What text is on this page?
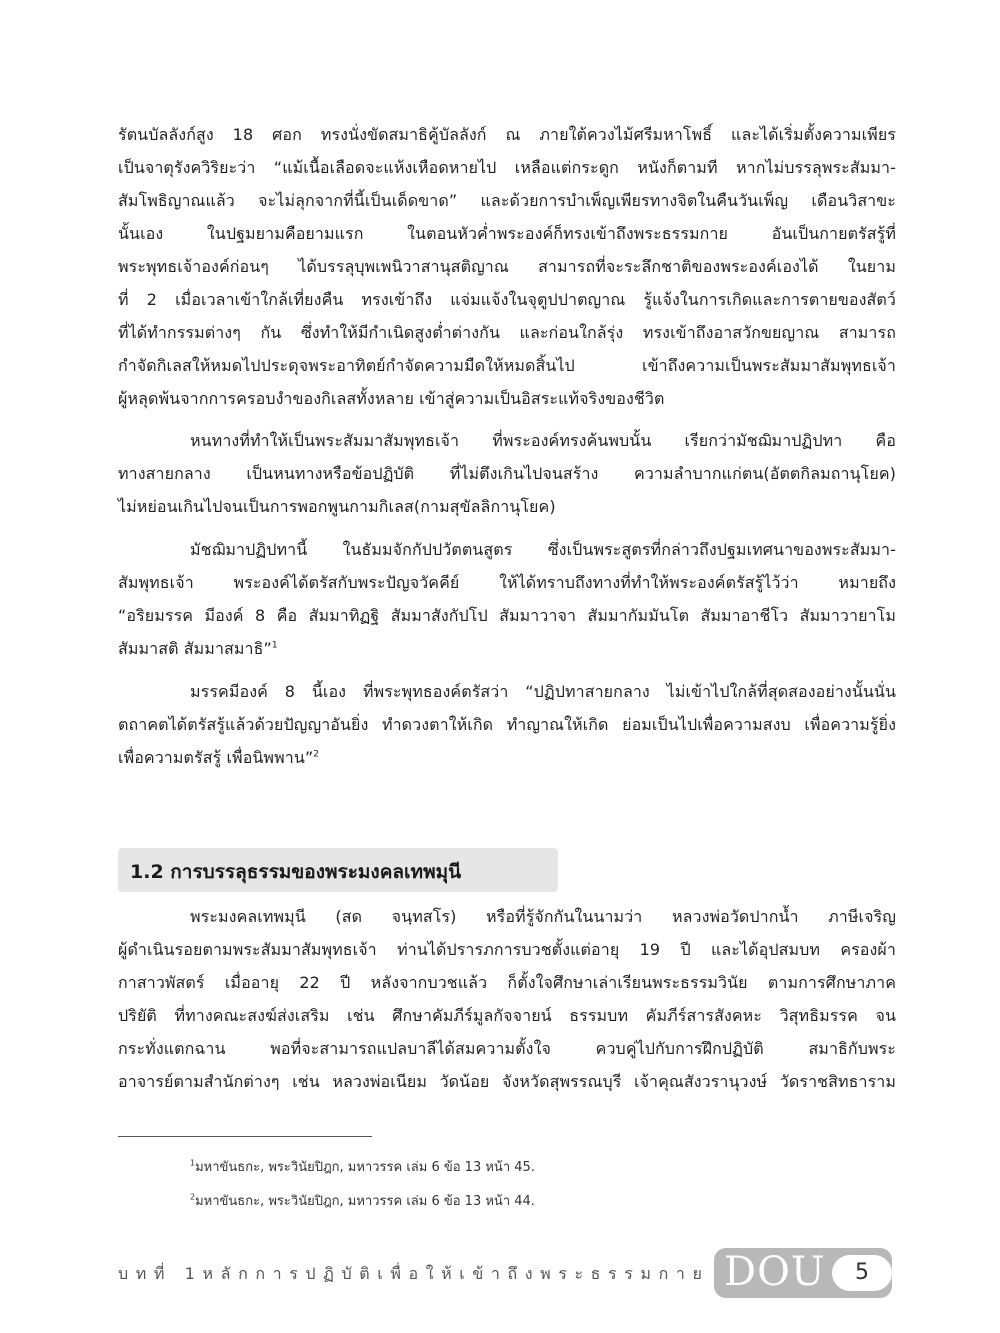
รัตนบัลลังก์สูง 18 ศอก ทรงนั่งขัดสมาธิคู้บัลลังก์ ณ ภายใต้ควงไม้ศรีมหาโพธิ์ และได้เริ่มตั้งความเพียร
เป็นจาตุรังควิริยะว่า “แม้เนื้อเลือดจะแห้งเหือดหายไป เหลือแต่กระดูก หนังก็ตามที หากไม่บรรลุพระสัมมา-
สัมโพธิญาณแล้ว จะไม่ลุกจากที่นี้เป็นเด็ดขาด” และด้วยการบำเพ็ญเพียรทางจิตในคืนวันเพ็ญ เดือนวิสาขะ
นั้นเอง ในปฐมยามคือยามแรก ในตอนหัวค่ำพระองค์ก็ทรงเข้าถึงพระธรรมกาย อันเป็นกายตรัสรู้ที่
พระพุทธเจ้าองค์ก่อนๆ ได้บรรลุบุพเพนิวาสานุสติญาณ สามารถที่จะระลึกชาติของพระองค์เองได้ ในยาม
ที่ 2 เมื่อเวลาเข้าใกล้เที่ยงคืน ทรงเข้าถึง แจ่มแจ้งในจุตูปปาตญาณ รู้แจ้งในการเกิดและการตายของสัตว์
ที่ได้ทำกรรมต่างๆ กัน ซึ่งทำให้มีกำเนิดสูงต่ำต่างกัน และก่อนใกล้รุ่ง ทรงเข้าถึงอาสวักขยญาณ สามารถ
กำจัดกิเลสให้หมดไปประดุจพระอาทิตย์กำจัดความมืดให้หมดสิ้นไป เข้าถึงความเป็นพระสัมมาสัมพุทธเจ้า
ผู้หลุดพ้นจากการครอบงำของกิเลสทั้งหลาย เข้าสู่ความเป็นอิสระแท้จริงของชีวิต
หนทางที่ทำให้เป็นพระสัมมาสัมพุทธเจ้า ที่พระองค์ทรงค้นพบนั้น เรียกว่ามัชฌิมาปฏิปทา คือ
ทางสายกลาง เป็นหนทางหรือข้อปฏิบัติ ที่ไม่ตึงเกินไปจนสร้าง ความลำบากแก่ตน(อัตตกิลมถานุโยค)
ไม่หย่อนเกินไปจนเป็นการพอกพูนกามกิเลส(กามสุขัลลิกานุโยค)
มัชฌิมาปฏิปทานี้ ในธัมมจักกัปปวัตตนสูตร ซึ่งเป็นพระสูตรที่กล่าวถึงปฐมเทศนาของพระสัมมา-
สัมพุทธเจ้า พระองค์ได้ตรัสกับพระปัญจวัคคีย์ ให้ได้ทราบถึงทางที่ทำให้พระองค์ตรัสรู้ไว้ว่า หมายถึง
“อริยมรรค มีองค์ 8 คือ สัมมาทิฏฐิ สัมมาสังกัปโป สัมมาวาจา สัมมากัมมันโต สัมมาอาชีโว สัมมาวายาโม
สัมมาสติ สัมมาสมาธิ”$^1$
มรรคมีองค์ 8 นี้เอง ที่พระพุทธองค์ตรัสว่า “ปฏิปทาสายกลาง ไม่เข้าไปใกล้ที่สุดสองอย่างนั้นนั่น
ตถาคตได้ตรัสรู้แล้วด้วยปัญญาอันยิ่ง ทำดวงตาให้เกิด ทำญาณให้เกิด ย่อมเป็นไปเพื่อความสงบ เพื่อความรู้ยิ่ง
เพื่อความตรัสรู้ เพื่อนิพพาน”$^2$
พระมงคลเทพมุนี (สด จนฺทสโร) หรือที่รู้จักกันในนามว่า หลวงพ่อวัดปากน้ำ ภาษีเจริญ
ผู้ดำเนินรอยตามพระสัมมาสัมพุทธเจ้า ท่านได้ปรารภการบวชตั้งแต่อายุ 19 ปี และได้อุปสมบท ครองผ้า
กาสาวพัสตร์ เมื่ออายุ 22 ปี หลังจากบวชแล้ว ก็ตั้งใจศึกษาเล่าเรียนพระธรรมวินัย ตามการศึกษาภาค
ปริยัติ ที่ทางคณะสงฆ์ส่งเสริม เช่น ศึกษาคัมภีร์มูลกัจจายน์ ธรรมบท คัมภีร์สารสังคหะ วิสุทธิมรรค จน
กระทั่งแตกฉาน พอที่จะสามารถแปลบาลีได้สมความตั้งใจ ควบคู่ไปกับการฝึกปฏิบัติ สมาธิกับพระ
อาจารย์ตามสำนักต่างๆ เช่น หลวงพ่อเนียม วัดน้อย จังหวัดสุพรรณบุรี เจ้าคุณสังวรานุวงษ์ วัดราชสิทธาราม
1.2 การบรรลุธรรมของพระมงคลเทพมุนี
$^1$มหาขันธกะ, พระวินัยปิฎก, มหาวรรค เล่ม 6 ข้อ 13 หน้า 45.
$^2$มหาขันธกะ, พระวินัยปิฎก, มหาวรรค เล่ม 6 ข้อ 13 หน้า 44.
บทที่ 1หลักการปฏิบัติเพื่อให้เข้าถึงพระธรรมกาย DOU	5
